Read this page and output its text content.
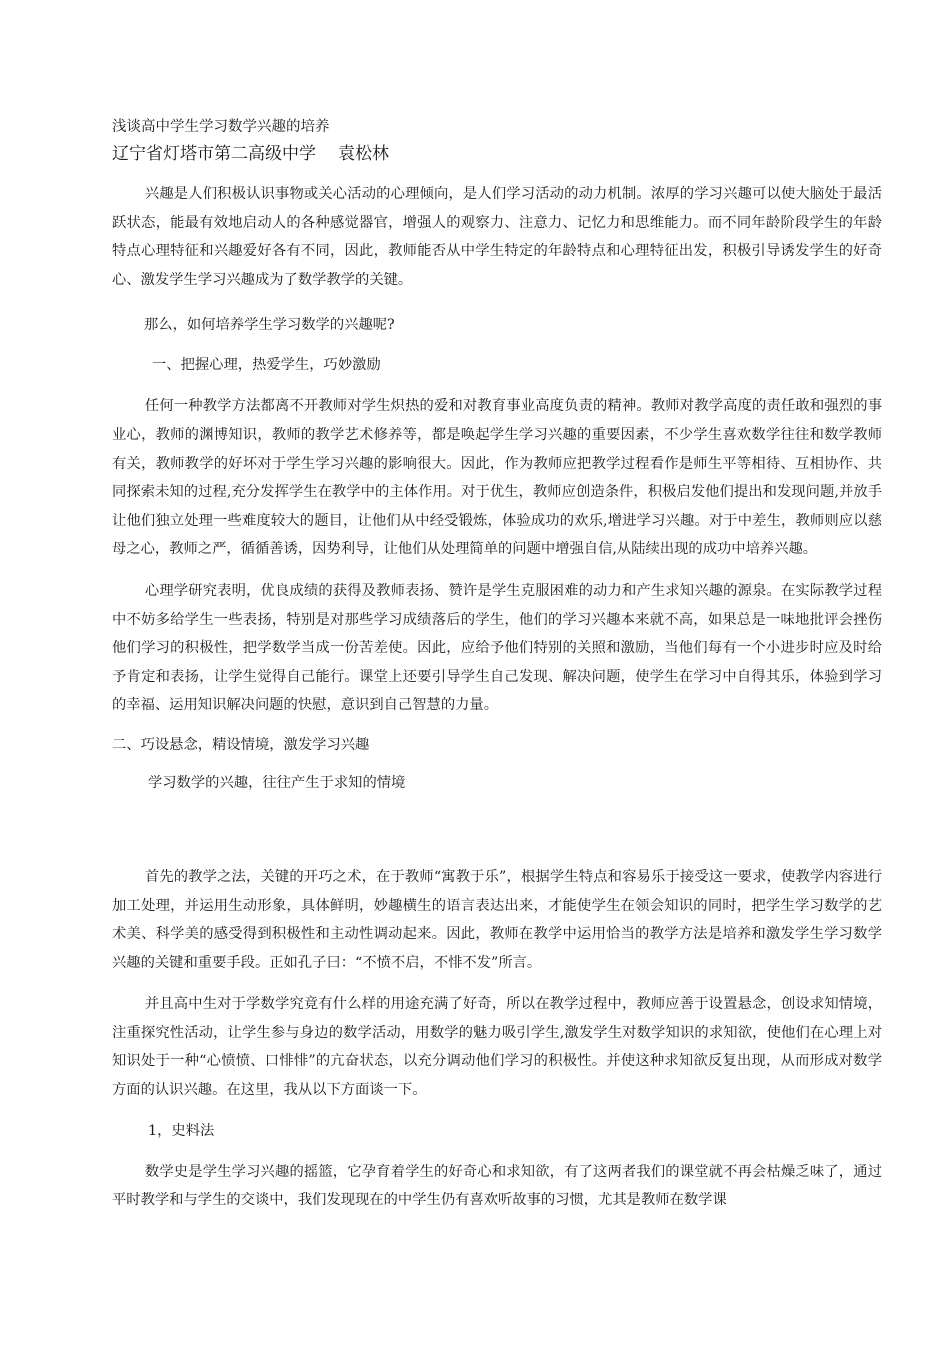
浅谈高中学生学习数学兴趣的培养

辽宁省灯塔市第二高级中学 袁松林

兴趣是人们积极认识事物或关心活动的心理倾向，是人们学习活动的动力机制。浓厚的学习兴趣可以使大脑处于最活跃状态，能最有效地启动人的各种感觉器官，增强人的观察力、注意力、记忆力和思维能力。而不同年龄阶段学生的年龄特点心理特征和兴趣爱好各有不同，因此，教师能否从中学生特定的年龄特点和心理特征出发，积极引导诱发学生的好奇心、激发学生学习兴趣成为了数学教学的关键。

那么，如何培养学生学习数学的兴趣呢?

一、把握心理，热爱学生，巧妙激励

任何一种教学方法都离不开教师对学生炽热的爱和对教育事业高度负责的精神。教师对教学高度的责任敢和强烈的事业心，教师的渊博知识，教师的教学艺术修养等，都是唤起学生学习兴趣的重要因素，不少学生喜欢数学往往和数学教师有关，教师教学的好坏对于学生学习兴趣的影响很大。因此，作为教师应把教学过程看作是师生平等相待、互相协作、共同探索未知的过程,充分发挥学生在教学中的主体作用。对于优生，教师应创造条件，积极启发他们提出和发现问题,并放手让他们独立处理一些难度较大的题目，让他们从中经受锻炼，体验成功的欢乐,增进学习兴趣。对于中差生，教师则应以慈母之心，教师之严，循循善诱，因势利导，让他们从处理简单的问题中增强自信,从陆续出现的成功中培养兴趣。

心理学研究表明，优良成绩的获得及教师表扬、赞许是学生克服困难的动力和产生求知兴趣的源泉。在实际教学过程中不妨多给学生一些表扬，特别是对那些学习成绩落后的学生，他们的学习兴趣本来就不高，如果总是一味地批评会挫伤他们学习的积极性，把学数学当成一份苦差使。因此，应给予他们特别的关照和激励，当他们每有一个小进步时应及时给予肯定和表扬，让学生觉得自己能行。课堂上还要引导学生自己发现、解决问题，使学生在学习中自得其乐，体验到学习的幸福、运用知识解决问题的快慰，意识到自己智慧的力量。

二、巧设悬念，精设情境，激发学习兴趣

学习数学的兴趣，往往产生于求知的情境

首先的教学之法，关键的开巧之术，在于教师“寓教于乐”，根据学生特点和容易乐于接受这一要求，使教学内容进行加工处理，并运用生动形象，具体鲜明，妙趣横生的语言表达出来，才能使学生在领会知识的同时，把学生学习数学的艺术美、科学美的感受得到积极性和主动性调动起来。因此，教师在教学中运用恰当的教学方法是培养和激发学生学习数学兴趣的关键和重要手段。正如孔子曰：“不愤不启，不悱不发”所言。

并且高中生对于学数学究竟有什么样的用途充满了好奇，所以在教学过程中，教师应善于设置悬念，创设求知情境，注重探究性活动，让学生参与身边的数学活动，用数学的魅力吸引学生,激发学生对数学知识的求知欲，使他们在心理上对知识处于一种“心愤愤、口悱悱”的亢奋状态，以充分调动他们学习的积极性。并使这种求知欲反复出现，从而形成对数学方面的认识兴趣。在这里，我从以下方面谈一下。

1，史料法

数学史是学生学习兴趣的摇篮，它孕育着学生的好奇心和求知欲，有了这两者我们的课堂就不再会枯燥乏味了，通过平时教学和与学生的交谈中，我们发现现在的中学生仍有喜欢听故事的习惯，尤其是教师在数学课
